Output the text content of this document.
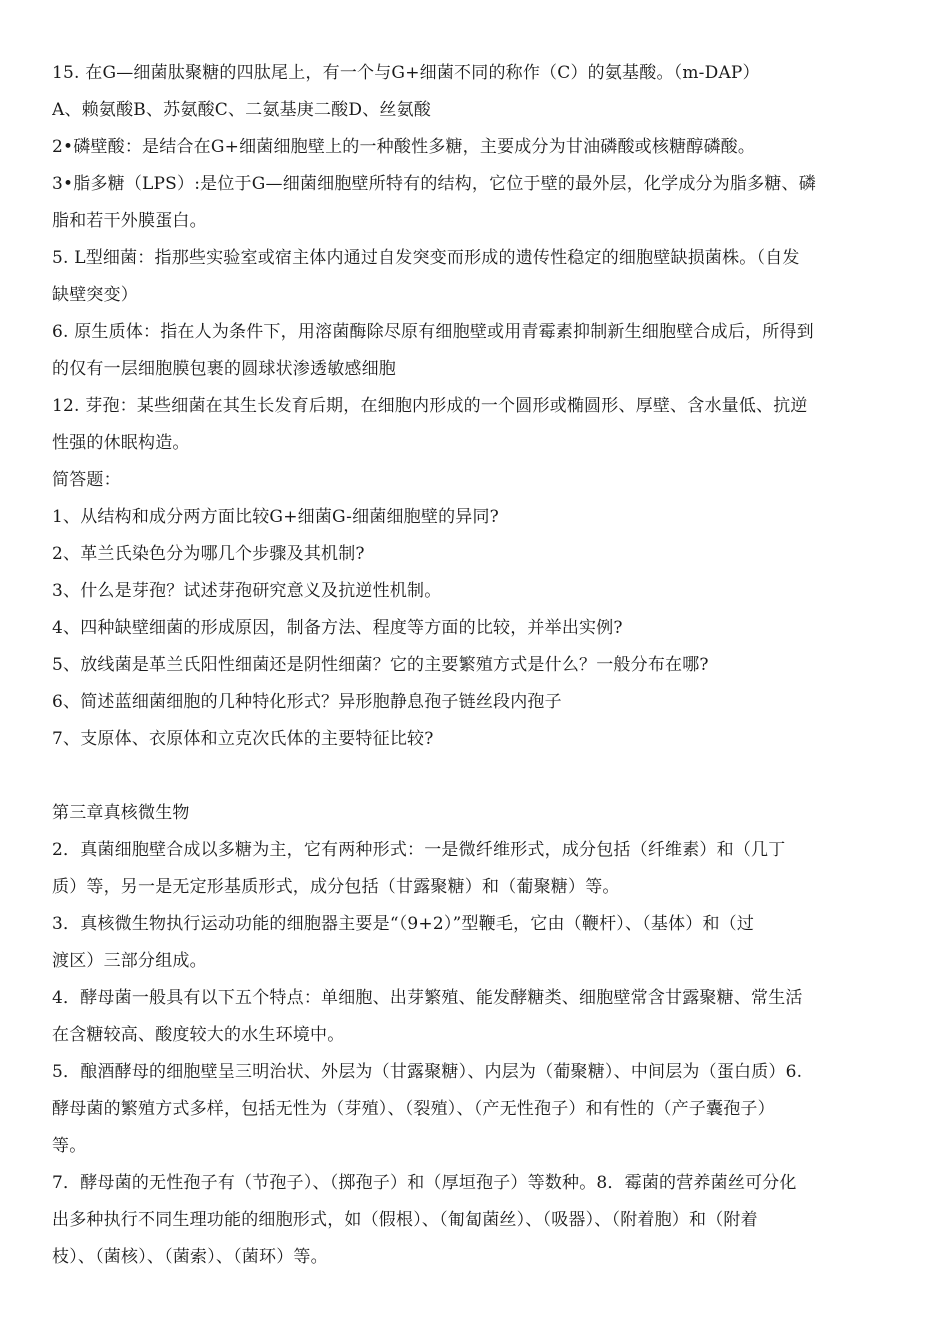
15. 在G—细菌肽聚糖的四肽尾上，有一个与G+细菌不同的称作（C）的氨基酸。（m-DAP）
A、赖氨酸B、苏氨酸C、二氨基庚二酸D、丝氨酸
2•磷壁酸：是结合在G+细菌细胞壁上的一种酸性多糖，主要成分为甘油磷酸或核糖醇磷酸。
3•脂多糖（LPS）:是位于G—细菌细胞壁所特有的结构，它位于壁的最外层，化学成分为脂多糖、磷
脂和若干外膜蛋白。
5. L型细菌：指那些实验室或宿主体内通过自发突变而形成的遗传性稳定的细胞壁缺损菌株。（自发
缺壁突变）
6. 原生质体：指在人为条件下，用溶菌酶除尽原有细胞壁或用青霉素抑制新生细胞壁合成后，所得到
的仅有一层细胞膜包裹的圆球状渗透敏感细胞
12. 芽孢：某些细菌在其生长发育后期，在细胞内形成的一个圆形或椭圆形、厚壁、含水量低、抗逆
性强的休眠构造。
简答题：
1、从结构和成分两方面比较G+细菌G-细菌细胞壁的异同?
2、革兰氏染色分为哪几个步骤及其机制?
3、什么是芽孢？试述芽孢研究意义及抗逆性机制。
4、四种缺壁细菌的形成原因，制备方法、程度等方面的比较，并举出实例?
5、放线菌是革兰氏阳性细菌还是阴性细菌？它的主要繁殖方式是什么？一般分布在哪?
6、简述蓝细菌细胞的几种特化形式？异形胞静息孢子链丝段内孢子
7、支原体、衣原体和立克次氏体的主要特征比较?
第三章真核微生物
2．真菌细胞壁合成以多糖为主，它有两种形式：一是微纤维形式，成分包括（纤维素）和（几丁
质）等，另一是无定形基质形式，成分包括（甘露聚糖）和（葡聚糖）等。
3．真核微生物执行运动功能的细胞器主要是“（9+2）”型鞭毛，它由（鞭杆）、（基体）和（过
渡区）三部分组成。
4．酵母菌一般具有以下五个特点：单细胞、出芽繁殖、能发酵糖类、细胞壁常含甘露聚糖、常生活
在含糖较高、酸度较大的水生环境中。
5．酿酒酵母的细胞壁呈三明治状、外层为（甘露聚糖）、内层为（葡聚糖）、中间层为（蛋白质）6.
酵母菌的繁殖方式多样，包括无性为（芽殖）、（裂殖）、（产无性孢子）和有性的（产子囊孢子）
等。
7．酵母菌的无性孢子有（节孢子）、（掷孢子）和（厚垣孢子）等数种。8．霉菌的营养菌丝可分化
出多种执行不同生理功能的细胞形式，如（假根）、（匍匐菌丝）、（吸器）、（附着胞）和（附着
枝）、（菌核）、（菌索）、（菌环）等。
